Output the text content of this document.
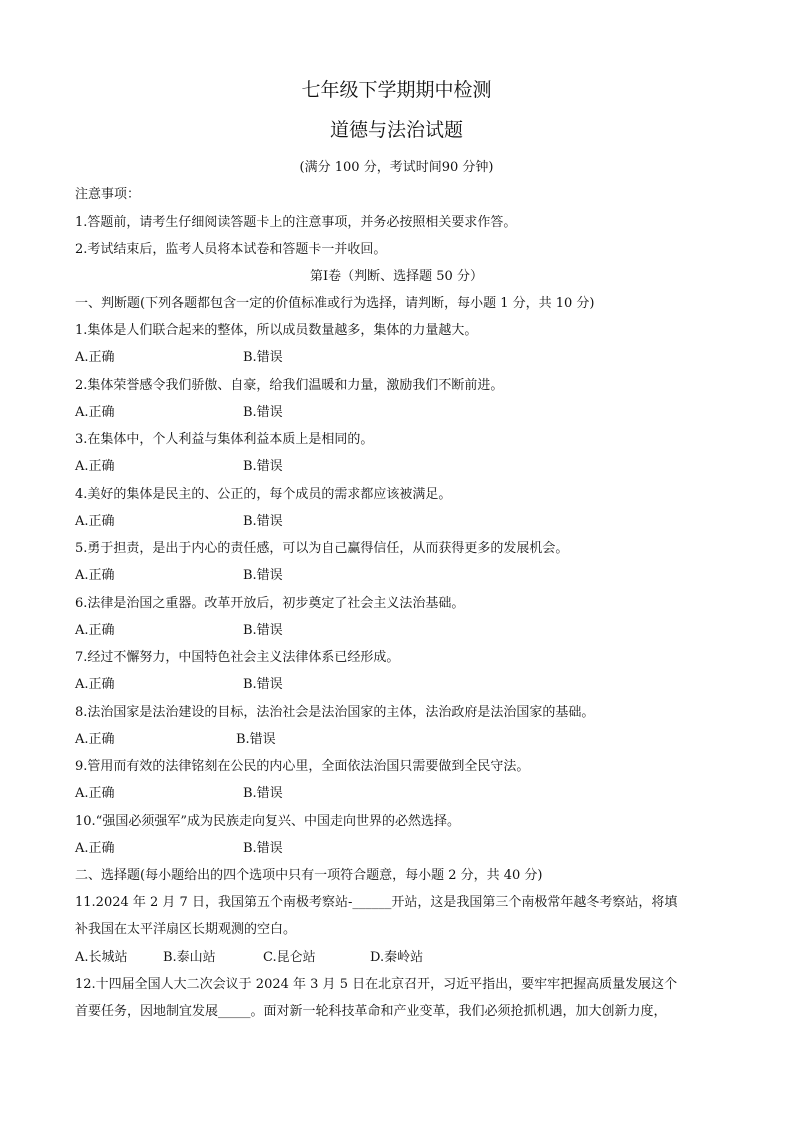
七年级下学期期中检测
道德与法治试题
(满分 100 分，考试时间90 分钟)
注意事项：
1.答题前，请考生仔细阅读答题卡上的注意事项，并务必按照相关要求作答。
2.考试结束后，监考人员将本试卷和答题卡一并收回。
第Ⅰ卷（判断、选择题 50 分）
一、判断题(下列各题都包含一定的价值标准或行为选择，请判断，每小题 1 分，共 10 分)
1.集体是人们联合起来的整体，所以成员数量越多，集体的力量越大。
A.正确	B.错误
2.集体荣誉感令我们骄傲、自豪，给我们温暖和力量，激励我们不断前进。
A.正确	B.错误
3.在集体中，个人利益与集体利益本质上是相同的。
A.正确	B.错误
4.美好的集体是民主的、公正的，每个成员的需求都应该被满足。
A.正确	B.错误
5.勇于担责，是出于内心的责任感，可以为自己赢得信任，从而获得更多的发展机会。
A.正确	B.错误
6.法律是治国之重器。改革开放后，初步奠定了社会主义法治基础。
A.正确	B.错误
7.经过不懈努力，中国特色社会主义法律体系已经形成。
A.正确	B.错误
8.法治国家是法治建设的目标，法治社会是法治国家的主体，法治政府是法治国家的基础。
A.正确	B.错误
9.管用而有效的法律铭刻在公民的内心里，全面依法治国只需要做到全民守法。
A.正确	B.错误
10.“强国必须强军”成为民族走向复兴、中国走向世界的必然选择。
A.正确	B.错误
二、选择题(每小题给出的四个选项中只有一项符合题意，每小题 2 分，共 40 分)
11.2024 年 2 月 7 日，我国第五个南极考察站-______开站，这是我国第三个南极常年越冬考察站，将填
补我国在太平洋扇区长期观测的空白。
A.长城站	B.泰山站	C.昆仑站	D.秦岭站
12.十四届全国人大二次会议于 2024 年 3 月 5 日在北京召开，习近平指出，要牢牢把握高质量发展这个
首要任务，因地制宜发展_____。面对新一轮科技革命和产业变革，我们必须抢抓机遇，加大创新力度，
